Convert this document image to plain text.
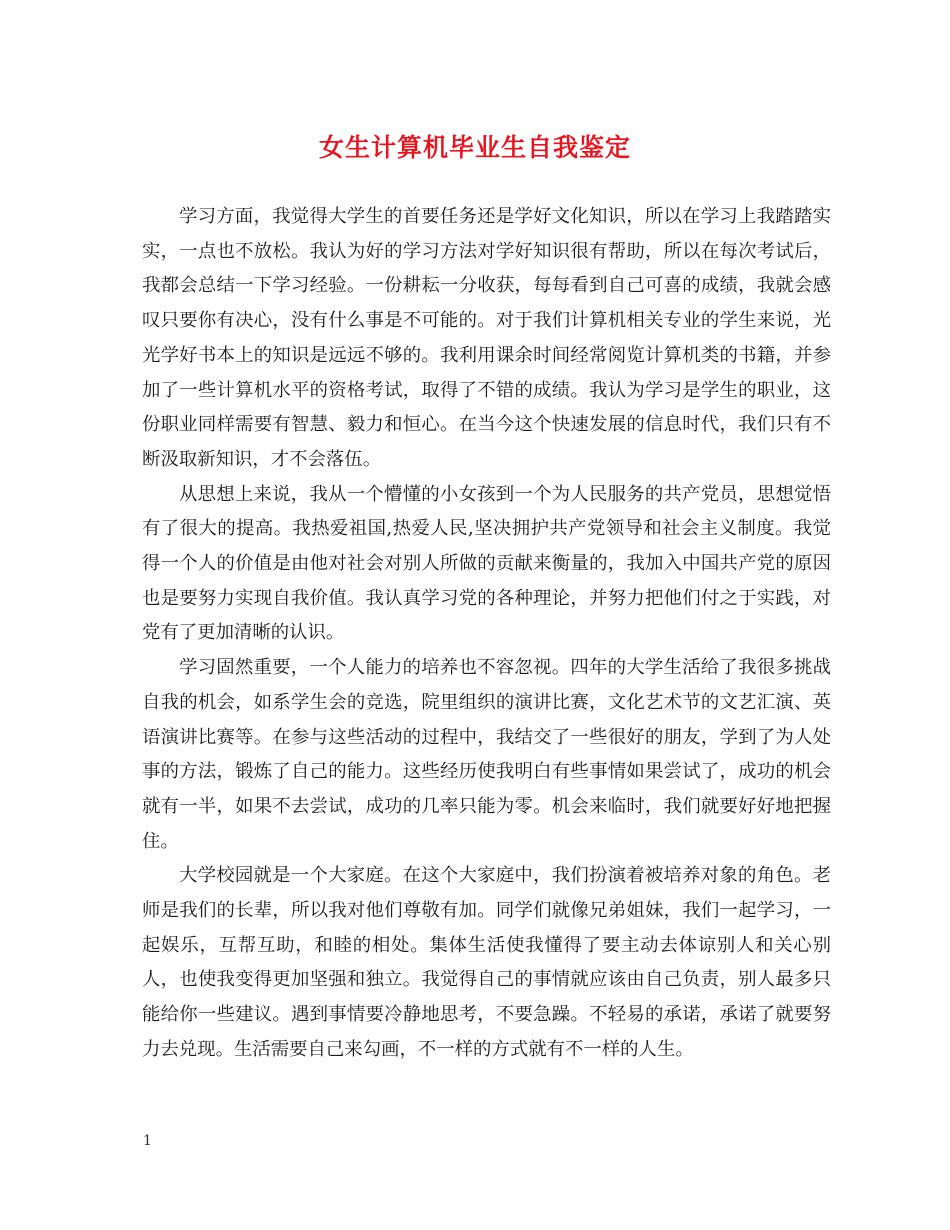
女生计算机毕业生自我鉴定

学习方面，我觉得大学生的首要任务还是学好文化知识，所以在学习上我踏踏实实，一点也不放松。我认为好的学习方法对学好知识很有帮助，所以在每次考试后，我都会总结一下学习经验。一份耕耘一分收获，每每看到自己可喜的成绩，我就会感叹只要你有决心，没有什么事是不可能的。对于我们计算机相关专业的学生来说，光光学好书本上的知识是远远不够的。我利用课余时间经常阅览计算机类的书籍，并参加了一些计算机水平的资格考试，取得了不错的成绩。我认为学习是学生的职业，这份职业同样需要有智慧、毅力和恒心。在当今这个快速发展的信息时代，我们只有不断汲取新知识，才不会落伍。

从思想上来说，我从一个懵懂的小女孩到一个为人民服务的共产党员，思想觉悟有了很大的提高。我热爱祖国,热爱人民,坚决拥护共产党领导和社会主义制度。我觉得一个人的价值是由他对社会对别人所做的贡献来衡量的，我加入中国共产党的原因也是要努力实现自我价值。我认真学习党的各种理论，并努力把他们付之于实践，对党有了更加清晰的认识。

学习固然重要，一个人能力的培养也不容忽视。四年的大学生活给了我很多挑战自我的机会，如系学生会的竞选，院里组织的演讲比赛，文化艺术节的文艺汇演、英语演讲比赛等。在参与这些活动的过程中，我结交了一些很好的朋友，学到了为人处事的方法，锻炼了自己的能力。这些经历使我明白有些事情如果尝试了，成功的机会就有一半，如果不去尝试，成功的几率只能为零。机会来临时，我们就要好好地把握住。

大学校园就是一个大家庭。在这个大家庭中，我们扮演着被培养对象的角色。老师是我们的长辈，所以我对他们尊敬有加。同学们就像兄弟姐妹，我们一起学习，一起娱乐，互帮互助，和睦的相处。集体生活使我懂得了要主动去体谅别人和关心别人，也使我变得更加坚强和独立。我觉得自己的事情就应该由自己负责，别人最多只能给你一些建议。遇到事情要冷静地思考，不要急躁。不轻易的承诺，承诺了就要努力去兑现。生活需要自己来勾画，不一样的方式就有不一样的人生。

1
